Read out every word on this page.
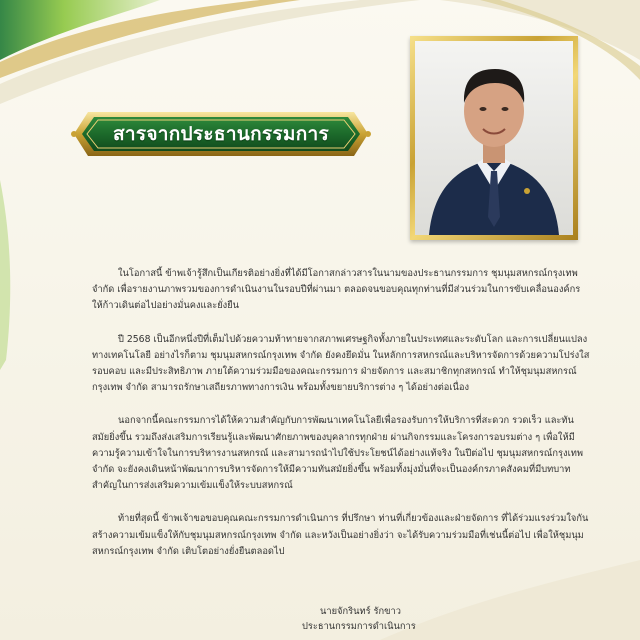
สารจากประธานกรรมการ

ในโอกาสนี้ ข้าพเจ้ารู้สึกเป็นเกียรติอย่างยิ่งที่ได้มีโอกาสกล่าวสารในนามของประธานกรรมการ ชุมนุมสหกรณ์กรุงเทพ จำกัด เพื่อรายงานภาพรวมของการดำเนินงานในรอบปีที่ผ่านมา ตลอดจนขอบคุณทุกท่านที่มีส่วนร่วมในการขับเคลื่อนองค์กรให้ก้าวเดินต่อไปอย่างมั่นคงและยั่งยืน

ปี 2568 เป็นอีกหนึ่งปีที่เต็มไปด้วยความท้าทายจากสภาพเศรษฐกิจทั้งภายในประเทศและระดับโลก และการเปลี่ยนแปลงทางเทคโนโลยี อย่างไรก็ตาม ชุมนุมสหกรณ์กรุงเทพ จำกัด ยังคงยึดมั่น ในหลักการสหกรณ์และบริหารจัดการด้วยความโปร่งใส รอบคอบ และมีประสิทธิภาพ ภายใต้ความร่วมมือของคณะกรรมการ ฝ่ายจัดการ และสมาชิกทุกสหกรณ์ ทำให้ชุมนุมสหกรณ์กรุงเทพ จำกัด สามารถรักษาเสถียรภาพทางการเงิน พร้อมทั้งขยายบริการต่าง ๆ ได้อย่างต่อเนื่อง

นอกจากนี้คณะกรรมการได้ให้ความสำคัญกับการพัฒนาเทคโนโลยีเพื่อรองรับการให้บริการที่สะดวก รวดเร็ว และทันสมัยยิ่งขึ้น รวมถึงส่งเสริมการเรียนรู้และพัฒนาศักยภาพของบุคลากรทุกฝ่าย ผ่านกิจกรรมและโครงการอบรมต่าง ๆ เพื่อให้มีความรู้ความเข้าใจในการบริหารงานสหกรณ์ และสามารถนำไปใช้ประโยชน์ได้อย่างแท้จริง ในปีต่อไป ชุมนุมสหกรณ์กรุงเทพ จำกัด จะยังคงเดินหน้าพัฒนาการบริหารจัดการให้มีความทันสมัยยิ่งขึ้น พร้อมทั้งมุ่งมั่นที่จะเป็นองค์กรภาคสังคมที่มีบทบาทสำคัญในการส่งเสริมความเข้มแข็งให้ระบบสหกรณ์

ท้ายที่สุดนี้ ข้าพเจ้าขอขอบคุณคณะกรรมการดำเนินการ ที่ปรึกษา ท่านที่เกี่ยวข้องและฝ่ายจัดการ ที่ได้ร่วมแรงร่วมใจกันสร้างความเข้มแข็งให้กับชุมนุมสหกรณ์กรุงเทพ จำกัด และหวังเป็นอย่างยิ่งว่า จะได้รับความร่วมมือที่เช่นนี้ต่อไป เพื่อให้ชุมนุมสหกรณ์กรุงเทพ จำกัด เติบโตอย่างยั่งยืนตลอดไป

นายจักรินทร์ รักขาว
ประธานกรรมการดำเนินการ
